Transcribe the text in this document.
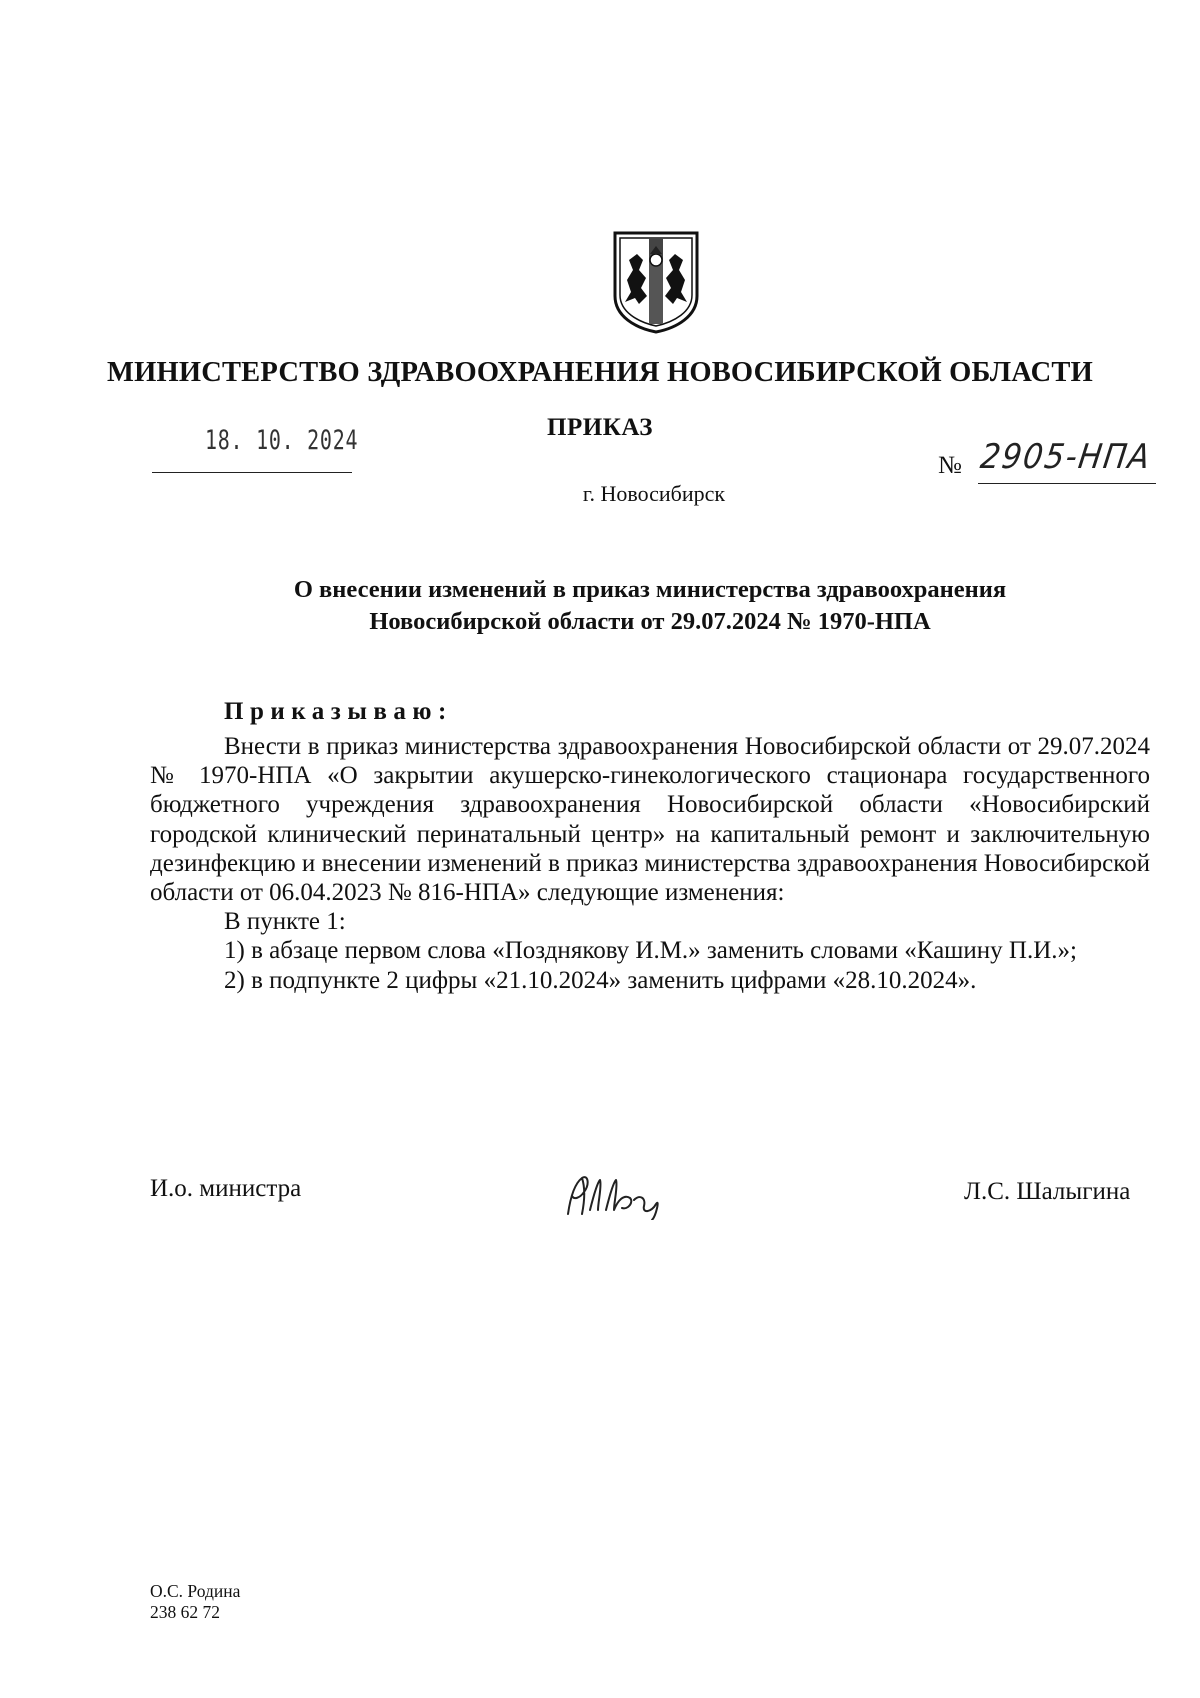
МИНИСТЕРСТВО ЗДРАВООХРАНЕНИЯ НОВОСИБИРСКОЙ ОБЛАСТИ
ПРИКАЗ
18. 10. 2024
№ 2905-НПА
г. Новосибирск
О внесении изменений в приказ министерства здравоохранения
Новосибирской области от 29.07.2024 № 1970-НПА
Приказываю:

Внести в приказ министерства здравоохранения Новосибирской области от 29.07.2024 № 1970-НПА «О закрытии акушерско-гинекологического стационара государственного бюджетного учреждения здравоохранения Новосибирской области «Новосибирский городской клинический перинатальный центр» на капитальный ремонт и заключительную дезинфекцию и внесении изменений в приказ министерства здравоохранения Новосибирской области от 06.04.2023 № 816-НПА» следующие изменения:

В пункте 1:

1) в абзаце первом слова «Позднякову И.М.» заменить словами «Кашину П.И.»;

2) в подпункте 2 цифры «21.10.2024» заменить цифрами «28.10.2024».

И.о. министра	Л.С. Шалыгина
О.С. Родина
238 62 72
